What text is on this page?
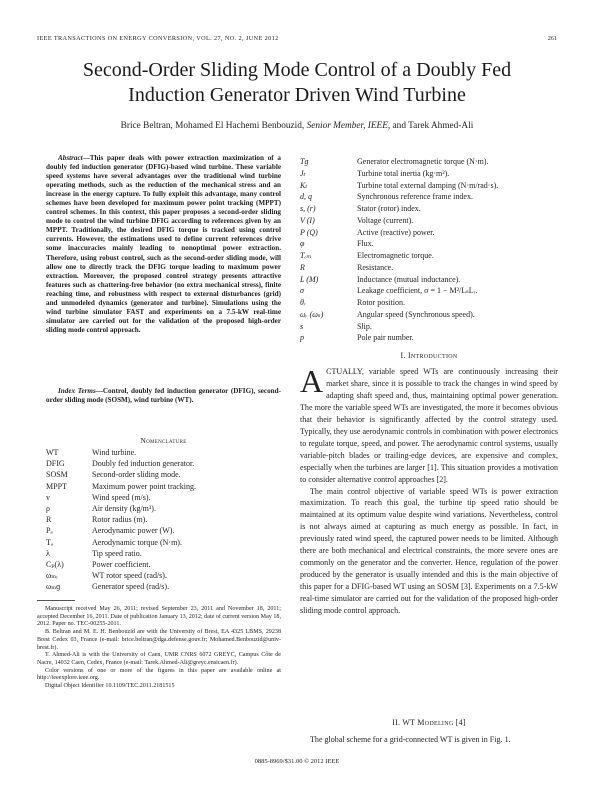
IEEE TRANSACTIONS ON ENERGY CONVERSION, VOL. 27, NO. 2, JUNE 2012	261
Second-Order Sliding Mode Control of a Doubly Fed
Induction Generator Driven Wind Turbine
Brice Beltran, Mohamed El Hachemi Benbouzid, Senior Member, IEEE, and Tarek Ahmed-Ali
Abstract—This paper deals with power extraction maximization of a doubly fed induction generator (DFIG)-based wind turbine. These variable speed systems have several advantages over the traditional wind turbine operating methods, such as the reduction of the mechanical stress and an increase in the energy capture. To fully exploit this advantage, many control schemes have been developed for maximum power point tracking (MPPT) control schemes. In this context, this paper proposes a second-order sliding mode to control the wind turbine DFIG according to references given by an MPPT. Traditionally, the desired DFIG torque is tracked using control currents. However, the estimations used to define current references drive some inaccuracies mainly leading to nonoptimal power extraction. Therefore, using robust control, such as the second-order sliding mode, will allow one to directly track the DFIG torque leading to maximum power extraction. Moreover, the proposed control strategy presents attractive features such as chattering-free behavior (no extra mechanical stress), finite reaching time, and robustness with respect to external disturbances (grid) and unmodeled dynamics (generator and turbine). Simulations using the wind turbine simulator FAST and experiments on a 7.5-kW real-time simulator are carried out for the validation of the proposed high-order sliding mode control approach.
Index Terms—Control, doubly fed induction generator (DFIG), second-order sliding mode (SOSM), wind turbine (WT).
Nomenclature
WT	Wind turbine.
DFIG	Doubly fed induction generator.
SOSM	Second-order sliding mode.
MPPT	Maximum power point tracking.
v	Wind speed (m/s).
ρ	Air density (kg/m³).
R	Rotor radius (m).
Pₐ	Aerodynamic power (W).
Tₐ	Aerodynamic torque (N·m).
λ	Tip speed ratio.
Cₚ(λ)	Power coefficient.
ωₘᵣ	WT rotor speed (rad/s).
ωₘɡ	Generator speed (rad/s).
Tɡ	Generator electromagnetic torque (N·m).
Jₜ	Turbine total inertia (kg·m²).
Kₜ	Turbine total external damping (N·m/rad·s).
d, q	Synchronous reference frame index.
s, (r)	Stator (rotor) index.
V (I)	Voltage (current).
P (Q)	Active (reactive) power.
φ	Flux.
Tₑₘ	Electromagnetic torque.
R	Resistance.
L (M)	Inductance (mutual inductance).
σ	Leakage coefficient, σ = 1 − M²/LₛLᵣ.
θᵣ	Rotor position.
ωᵣ (ωₛ)	Angular speed (Synchronous speed).
s	Slip.
p	Pole pair number.

Manuscript received May 26, 2011; revised September 23, 2011 and November 18, 2011; accepted December 16, 2011. Date of publication January 13, 2012; date of current version May 18, 2012. Paper no. TEC-00255-2011.

B. Beltran and M. E. H. Benbouzid are with the University of Brest, EA 4325 LBMS, 29238 Brest Cedex 03, France (e-mail: brice.beltran@dga.defense.gouv.fr; Mohamed.Benbouzid@univ-brest.fr).

T. Ahmed-Ali is with the University of Caen, UMR CNRS 6072 GREYC, Campus Côte de Nacre, 14032 Caen, Cedex, France (e-mail: Tarek.Ahmed-Ali@greyc.ensicaen.fr).

Color versions of one or more of the figures in this paper are available online at http://ieeexplore.ieee.org.

Digital Object Identifier 10.1109/TEC.2011.2181515

I. Introduction

ACTUALLY, variable speed WTs are continuously increasing their market share, since it is possible to track the changes in wind speed by adapting shaft speed and, thus, maintaining optimal power generation. The more the variable speed WTs are investigated, the more it becomes obvious that their behavior is significantly affected by the control strategy used. Typically, they use aerodynamic controls in combination with power electronics to regulate torque, speed, and power. The aerodynamic control systems, usually variable-pitch blades or trailing-edge devices, are expensive and complex, especially when the turbines are larger [1]. This situation provides a motivation to consider alternative control approaches [2].

The main control objective of variable speed WTs is power extraction maximization. To reach this goal, the turbine tip speed ratio should be maintained at its optimum value despite wind variations. Nevertheless, control is not always aimed at capturing as much energy as possible. In fact, in previously rated wind speed, the captured power needs to be limited. Although there are both mechanical and electrical constraints, the more severe ones are commonly on the generator and the converter. Hence, regulation of the power produced by the generator is usually intended and this is the main objective of this paper for a DFIG-based WT using an SOSM [3]. Experiments on a 7.5-kW real-time simulator are carried out for the validation of the proposed high-order sliding mode control approach.

II. WT Modeling [4]
The global scheme for a grid-connected WT is given in Fig. 1.
0885-8969/$31.00 © 2012 IEEE
